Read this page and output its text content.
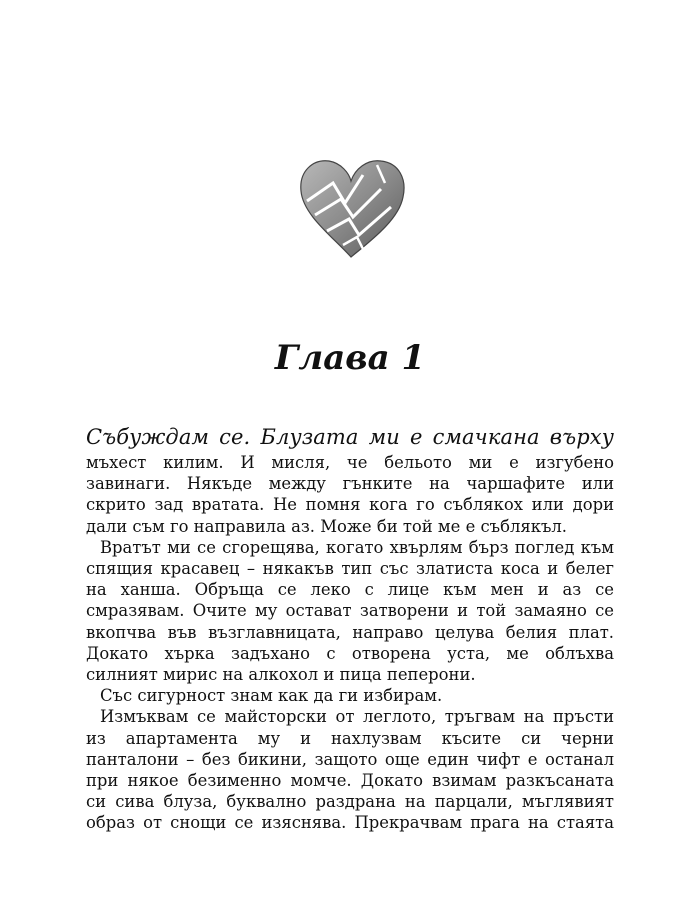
Глава 1
Събуждам се. Блузата ми е смачкана върху
мъхест килим. И мисля, че бельото ми е изгубено
завинаги. Някъде между гънките на чаршафите или
скрито зад вратата. Не помня кога го съблякох или дори
дали съм го направила аз. Може би той ме е съблякъл.
Вратът ми се сгорещява, когато хвърлям бърз поглед към
спящия красавец – някакъв тип със златиста коса и белег
на ханша. Обръща се леко с лице към мен и аз се
смразявам. Очите му остават затворени и той замаяно се
вкопчва във възглавницата, направо целува белия плат.
Докато хърка задъхано с отворена уста, ме облъхва
силният мирис на алкохол и пица пеперони.
Със сигурност знам как да ги избирам.
Измъквам се майсторски от леглото, тръгвам на пръсти
из апартамента му и нахлузвам късите си черни
панталони – без бикини, защото още един чифт е останал
при някое безименно момче. Докато взимам разкъсаната
си сива блуза, буквално раздрана на парцали, мъглявият
образ от снощи се изяснява. Прекрачвам прага на стаята
